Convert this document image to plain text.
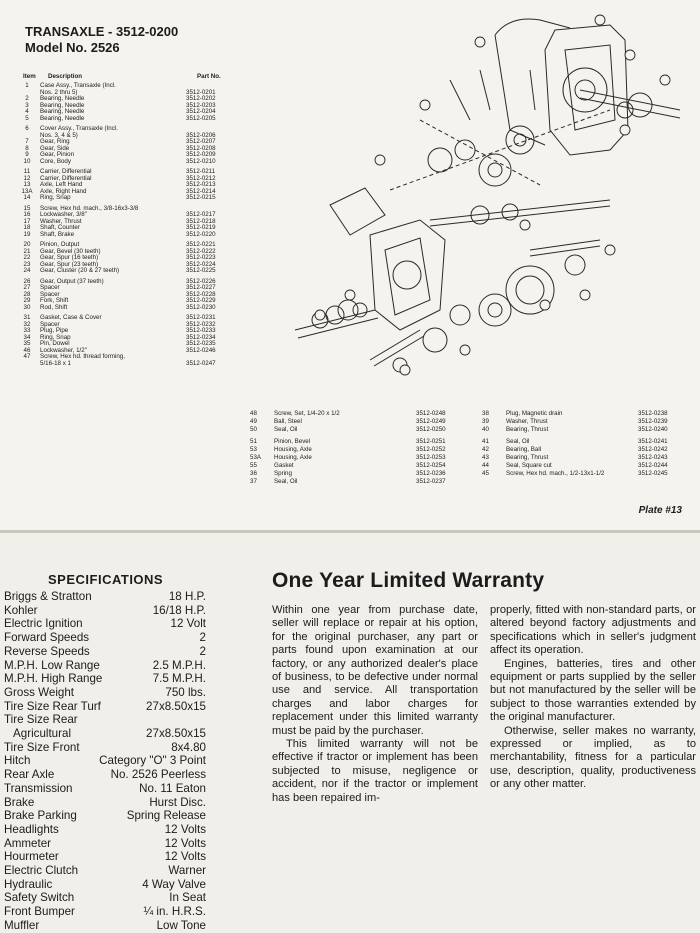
TRANSAXLE - 3512-0200
Model No. 2526
Item Description	Part No.
1	Case Assy., Transaxle (Incl.
Nos. 2 thru 5)	3512-0201
2	Bearing, Needle	3512-0202
3	Bearing, Needle	3512-0203
4	Bearing, Needle	3512-0204
5	Bearing, Needle	3512-0205
6	Cover Assy., Transaxle (Incl.
Nos. 3, 4 & 5)	3512-0206
7	Gear, Ring	3512-0207
8	Gear, Side	3512-0208
9	Gear, Pinion	3512-0209
10	Core, Body	3512-0210
11	Carrier, Differential	3512-0211
12	Carrier, Differential	3512-0212
13	Axle, Left Hand	3512-0213
13A	Axle, Right Hand	3512-0214
14	Ring, Snap	3512-0215
15	Screw, Hex hd. mach., 3/8-16x3-3/8
16	Lockwasher, 3/8"	3512-0217
17	Washer, Thrust	3512-0218
18	Shaft, Counter	3512-0219
19	Shaft, Brake	3512-0220
20	Pinion, Output	3512-0221
21	Gear, Bevel (30 teeth)	3512-0222
22	Gear, Spur (16 teeth)	3512-0223
23	Gear, Spur (23 teeth)	3512-0224
24	Gear, Cluster (20 & 27 teeth)	3512-0225
26	Gear, Output (37 teeth)	3512-0226
27	Spacer	3512-0227
28	Spacer	3512-0228
29	Fork, Shift	3512-0229
30	Rod, Shift	3512-0230
31	Gasket, Case & Cover	3512-0231
32	Spacer	3512-0232
33	Plug, Pipe	3512-0233
34	Ring, Snap	3512-0234
35	Pin, Dowel	3512-0235
46	Lockwasher, 1/2"	3512-0246
47	Screw, Hex hd. thread forming,
5/16-18 x 1	3512-0247
48	Screw, Set, 1/4-20 x 1/2	3512-0248
49	Ball, Steel	3512-0249
50	Seal, Oil	3512-0250
51	Pinion, Bevel	3512-0251
53	Housing, Axle	3512-0252
53A	Housing, Axle	3512-0253
55	Gasket	3512-0254
36	Spring	3512-0236
37	Seal, Oil	3512-0237
38	Plug, Magnetic drain	3512-0238
39	Washer, Thrust	3512-0239
40	Bearing, Thrust	3512-0240
41	Seal, Oil	3512-0241
42	Bearing, Ball	3512-0242
43	Bearing, Thrust	3512-0243
44	Seal, Square cut	3512-0244
45	Screw, Hex hd. mach., 1/2-13x1-1/2	3512-0245
Plate #13
SPECIFICATIONS
Briggs & Stratton	18 H.P.
Kohler	16/18 H.P.
Electric Ignition	12 Volt
Forward Speeds	2
Reverse Speeds	2
M.P.H. Low Range	2.5 M.P.H.
M.P.H. High Range	7.5 M.P.H.
Gross Weight	750 lbs.
Tire Size Rear Turf	27x8.50x15
Tire Size Rear
Agricultural	27x8.50x15
Tire Size Front	8x4.80
Hitch	Category "O" 3 Point
Rear Axle	No. 2526 Peerless
Transmission	No. 11 Eaton
Brake	Hurst Disc.
Brake Parking	Spring Release
Headlights	12 Volts
Ammeter	12 Volts
Hourmeter	12 Volts
Electric Clutch	Warner
Hydraulic	4 Way Valve
Safety Switch	In Seat
Front Bumper	¼ in. H.R.S.
Muffler	Low Tone
One Year Limited Warranty

Within one year from purchase date, seller will replace or repair at his option, for the original purchaser, any part or parts found upon examination at our factory, or any authorized dealer's place of business, to be defective under normal use and service. All transportation charges and labor charges for replacement under this limited warranty must be paid by the purchaser.

This limited warranty will not be effective if tractor or implement has been subjected to misuse, negligence or accident, nor if the tractor or implement has been repaired im-

properly, fitted with non-standard parts, or altered beyond factory adjustments and specifications which in seller's judgment affect its operation.

Engines, batteries, tires and other equipment or parts supplied by the seller but not manufactured by the seller will be subject to those warranties extended by the original manufacturer.

Otherwise, seller makes no warranty, expressed or implied, as to merchantability, fitness for a particular use, description, quality, productiveness or any other matter.
